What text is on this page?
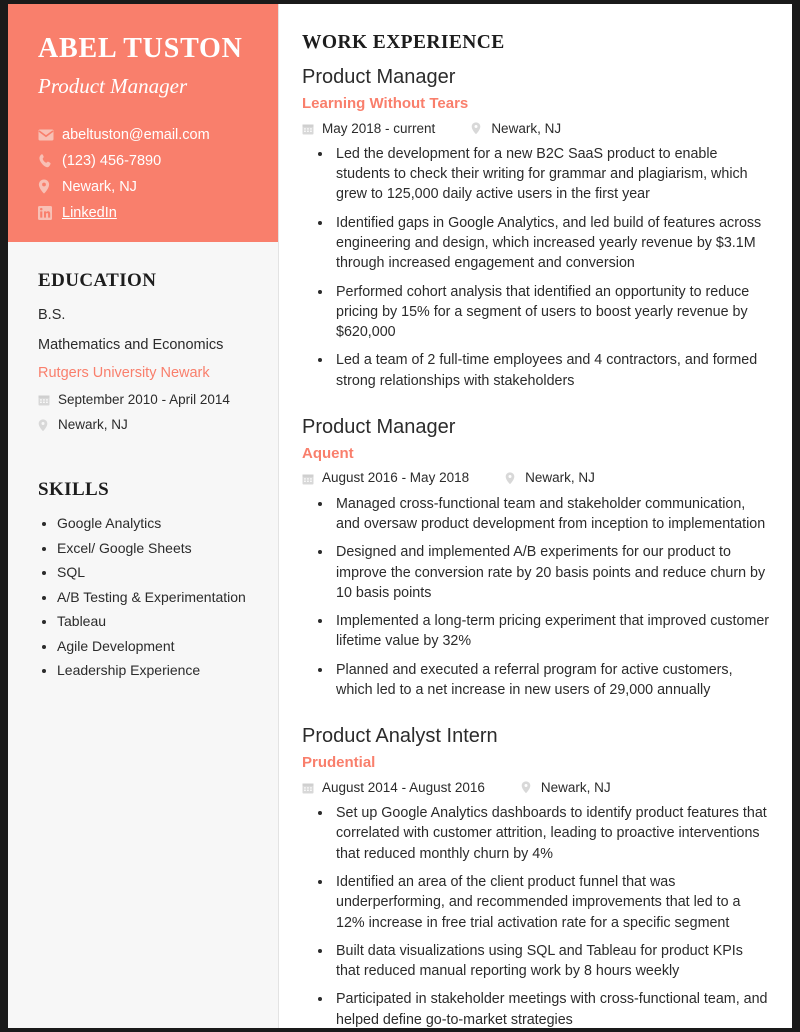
ABEL TUSTON
Product Manager
abeltuston@email.com
(123) 456-7890
Newark, NJ
LinkedIn
EDUCATION
B.S.
Mathematics and Economics
Rutgers University Newark
September 2010 - April 2014
Newark, NJ
SKILLS
• Google Analytics
• Excel/ Google Sheets
• SQL
• A/B Testing & Experimentation
• Tableau
• Agile Development
• Leadership Experience
WORK EXPERIENCE
Product Manager
Learning Without Tears
May 2018 - current	Newark, NJ
• Led the development for a new B2C SaaS product to enable students to check their writing for grammar and plagiarism, which grew to 125,000 daily active users in the first year
• Identified gaps in Google Analytics, and led build of features across engineering and design, which increased yearly revenue by $3.1M through increased engagement and conversion
• Performed cohort analysis that identified an opportunity to reduce pricing by 15% for a segment of users to boost yearly revenue by $620,000
• Led a team of 2 full-time employees and 4 contractors, and formed strong relationships with stakeholders
Product Manager
Aquent
August 2016 - May 2018	Newark, NJ
• Managed cross-functional team and stakeholder communication, and oversaw product development from inception to implementation
• Designed and implemented A/B experiments for our product to improve the conversion rate by 20 basis points and reduce churn by 10 basis points
• Implemented a long-term pricing experiment that improved customer lifetime value by 32%
• Planned and executed a referral program for active customers, which led to a net increase in new users of 29,000 annually
Product Analyst Intern
Prudential
August 2014 - August 2016	Newark, NJ
• Set up Google Analytics dashboards to identify product features that correlated with customer attrition, leading to proactive interventions that reduced monthly churn by 4%
• Identified an area of the client product funnel that was underperforming, and recommended improvements that led to a 12% increase in free trial activation rate for a specific segment
• Built data visualizations using SQL and Tableau for product KPIs that reduced manual reporting work by 8 hours weekly
• Participated in stakeholder meetings with cross-functional team, and helped define go-to-market strategies
